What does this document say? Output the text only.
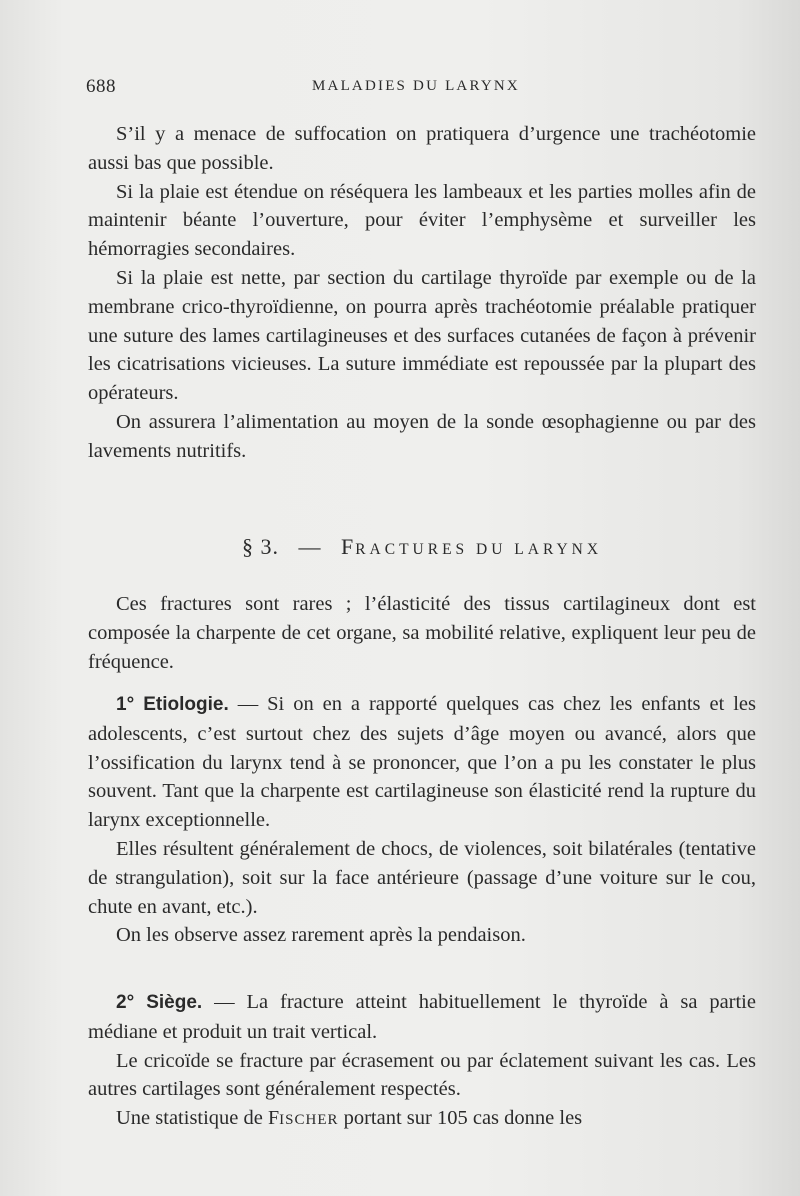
688	MALADIES DU LARYNX

S’il y a menace de suffocation on pratiquera d’urgence une trachéotomie aussi bas que possible.

Si la plaie est étendue on réséquera les lambeaux et les parties molles afin de maintenir béante l’ouverture, pour éviter l’emphysème et surveiller les hémorragies secondaires.

Si la plaie est nette, par section du cartilage thyroïde par exemple ou de la membrane crico-thyroïdienne, on pourra après trachéotomie préalable pratiquer une suture des lames cartilagineuses et des surfaces cutanées de façon à prévenir les cicatrisations vicieuses. La suture immédiate est repoussée par la plupart des opérateurs.

On assurera l’alimentation au moyen de la sonde œsophagienne ou par des lavements nutritifs.

§ 3. — FRACTURES DU LARYNX

Ces fractures sont rares ; l’élasticité des tissus cartilagineux dont est composée la charpente de cet organe, sa mobilité relative, expliquent leur peu de fréquence.

1° Etiologie. — Si on en a rapporté quelques cas chez les enfants et les adolescents, c’est surtout chez des sujets d’âge moyen ou avancé, alors que l’ossification du larynx tend à se prononcer, que l’on a pu les constater le plus souvent. Tant que la charpente est cartilagineuse son élasticité rend la rupture du larynx exceptionnelle.

Elles résultent généralement de chocs, de violences, soit bilatérales (tentative de strangulation), soit sur la face antérieure (passage d’une voiture sur le cou, chute en avant, etc.).

On les observe assez rarement après la pendaison.

2° Siège. — La fracture atteint habituellement le thyroïde à sa partie médiane et produit un trait vertical.

Le cricoïde se fracture par écrasement ou par éclatement suivant les cas. Les autres cartilages sont généralement respectés.

Une statistique de FISCHER portant sur 105 cas donne les
